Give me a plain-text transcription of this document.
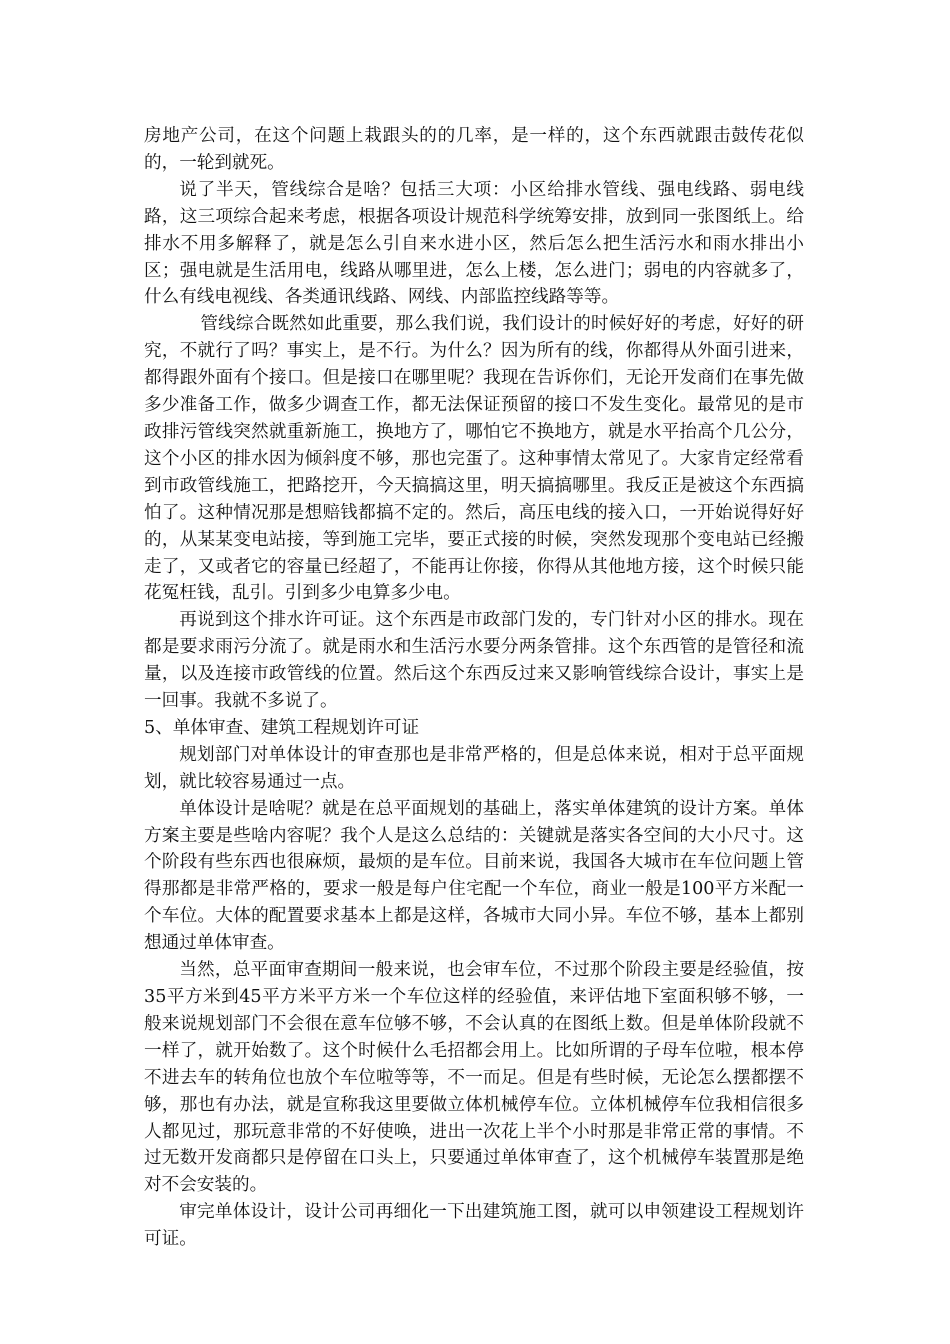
房地产公司，在这个问题上栽跟头的的几率，是一样的，这个东西就跟击鼓传花似的，一轮到就死。

说了半天，管线综合是啥？包括三大项：小区给排水管线、强电线路、弱电线路，这三项综合起来考虑，根据各项设计规范科学统筹安排，放到同一张图纸上。给排水不用多解释了，就是怎么引自来水进小区，然后怎么把生活污水和雨水排出小区；强电就是生活用电，线路从哪里进，怎么上楼，怎么进门；弱电的内容就多了，什么有线电视线、各类通讯线路、网线、内部监控线路等等。

管线综合既然如此重要，那么我们说，我们设计的时候好好的考虑，好好的研究，不就行了吗？事实上，是不行。为什么？因为所有的线，你都得从外面引进来，都得跟外面有个接口。但是接口在哪里呢？我现在告诉你们，无论开发商们在事先做多少准备工作，做多少调查工作，都无法保证预留的接口不发生变化。最常见的是市政排污管线突然就重新施工，换地方了，哪怕它不换地方，就是水平抬高个几公分，这个小区的排水因为倾斜度不够，那也完蛋了。这种事情太常见了。大家肯定经常看到市政管线施工，把路挖开，今天搞搞这里，明天搞搞哪里。我反正是被这个东西搞怕了。这种情况那是想赔钱都搞不定的。然后，高压电线的接入口，一开始说得好好的，从某某变电站接，等到施工完毕，要正式接的时候，突然发现那个变电站已经搬走了，又或者它的容量已经超了，不能再让你接，你得从其他地方接，这个时候只能花冤枉钱，乱引。引到多少电算多少电。

再说到这个排水许可证。这个东西是市政部门发的，专门针对小区的排水。现在都是要求雨污分流了。就是雨水和生活污水要分两条管排。这个东西管的是管径和流量，以及连接市政管线的位置。然后这个东西反过来又影响管线综合设计，事实上是一回事。我就不多说了。

5、单体审查、建筑工程规划许可证

规划部门对单体设计的审查那也是非常严格的，但是总体来说，相对于总平面规划，就比较容易通过一点。

单体设计是啥呢？就是在总平面规划的基础上，落实单体建筑的设计方案。单体方案主要是些啥内容呢？我个人是这么总结的：关键就是落实各空间的大小尺寸。这个阶段有些东西也很麻烦，最烦的是车位。目前来说，我国各大城市在车位问题上管得那都是非常严格的，要求一般是每户住宅配一个车位，商业一般是100平方米配一个车位。大体的配置要求基本上都是这样，各城市大同小异。车位不够，基本上都别想通过单体审查。

当然，总平面审查期间一般来说，也会审车位，不过那个阶段主要是经验值，按35平方米到45平方米平方米一个车位这样的经验值，来评估地下室面积够不够，一般来说规划部门不会很在意车位够不够，不会认真的在图纸上数。但是单体阶段就不一样了，就开始数了。这个时候什么毛招都会用上。比如所谓的子母车位啦，根本停不进去车的转角位也放个车位啦等等，不一而足。但是有些时候，无论怎么摆都摆不够，那也有办法，就是宣称我这里要做立体机械停车位。立体机械停车位我相信很多人都见过，那玩意非常的不好使唤，进出一次花上半个小时那是非常正常的事情。不过无数开发商都只是停留在口头上，只要通过单体审查了，这个机械停车装置那是绝对不会安装的。

审完单体设计，设计公司再细化一下出建筑施工图，就可以申领建设工程规划许可证。
